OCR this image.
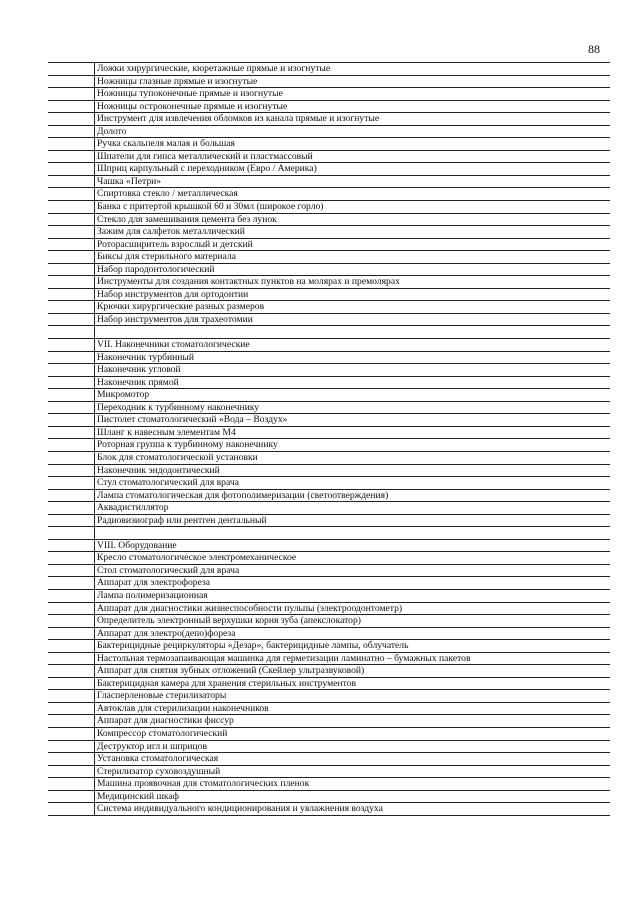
88
Ложки хирургические, кюретажные прямые и изогнутые
Ножницы глазные прямые и изогнутые
Ножницы тупоконечные прямые и изогнутые
Ножницы остроконечные прямые и изогнутые
Инструмент для извлечения обломков из канала прямые и изогнутые
Долото
Ручка скальпеля малая и большая
Шпатели для гипса металлический и пластмассовый
Шприц карпульный с переходником (Евро / Америка)
Чашка «Петри»
Спиртовка стекло / металлическая
Банка с притертой крышкой 60 и 30мл (широкое горло)
Стекло для замешивания цемента без лунок
Зажим для салфеток металлический
Роторасширитель взрослый и детский
Биксы для стерильного материала
Набор пародонтологический
Инструменты для создания контактных пунктов на молярах и премолярах
Набор инструментов для ортодонтии
Крючки хирургические разных размеров
Набор инструментов для трахеотомии
VII. Наконечники стоматологические
Наконечник турбинный
Наконечник угловой
Наконечник прямой
Микромотор
Переходник к турбинному наконечнику
Пистолет стоматологический «Вода – Воздух»
Шланг к навесным элементам М4
Роторная группа к турбинному наконечнику
Блок для стоматологической установки
Наконечник эндодонтический
Стул стоматологический для врача
Лампа стоматологическая для фотополимеризации (светоотверждения)
Аквадистиллятор
Радиовизиограф или рентген дентальный
VIII. Оборудование
Кресло стоматологическое электромеханическое
Стол стоматологический для врача
Аппарат для электрофореза
Лампа полимеризационная
Аппарат для диагностики жизнеспособности пульпы (электроодонтометр)
Определитель электронный верхушки корня зуба (апекслокатор)
Аппарат для электро(депо)фореза
Бактерицидные рециркуляторы «Дезар», бактерицидные лампы, облучатель
Настольная термозапаивающая машинка для герметизации ламинатно – бумажных пакетов
Аппарат для снятия зубных отложений (Скейлер ультразвуковой)
Бактерицидная камера для хранения стерильных инструментов
Гласперленовые стерилизаторы
Автоклав для стерилизации наконечников
Аппарат для диагностики фиссур
Компрессор стоматологический
Деструктор игл и шприцов
Установка стоматологическая
Стерилизатор суховоздушный
Машина проявочная для стоматологических пленок
Медицинский шкаф
Система индивидуального кондиционирования и увлажнения воздуха
